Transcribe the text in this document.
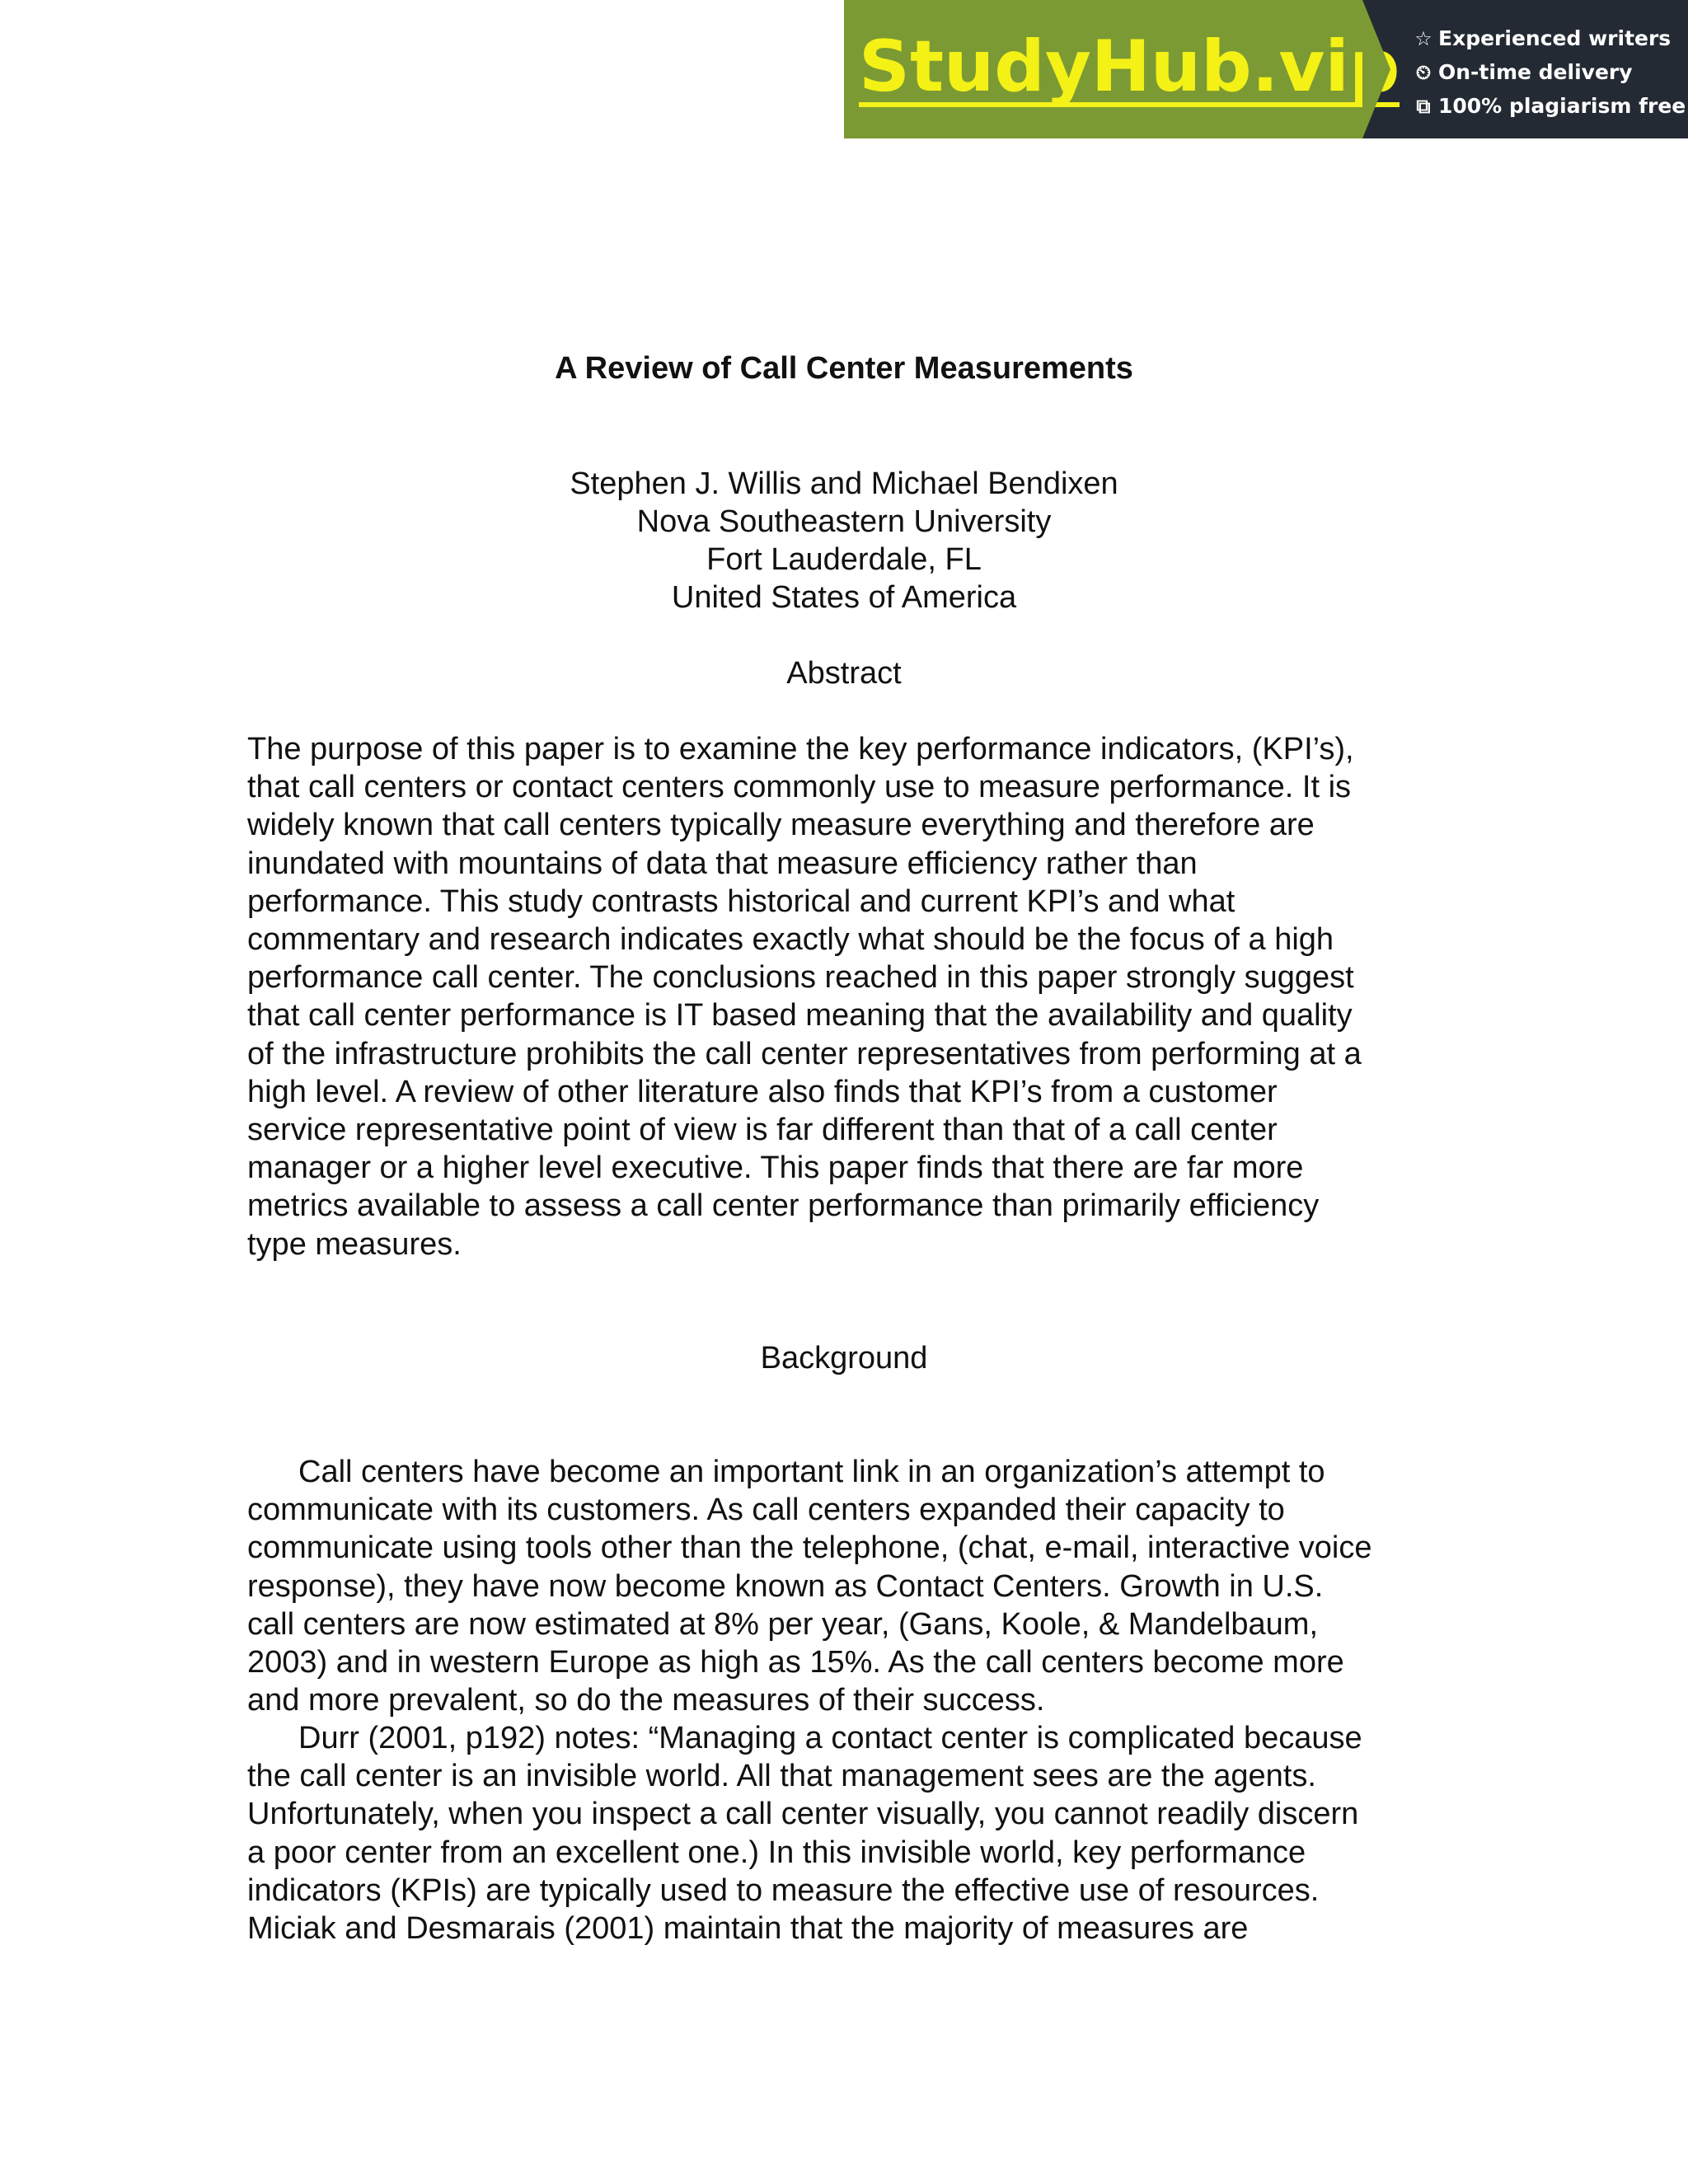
StudyHub.vip ☆ Experienced writers
⏲ On-time delivery
⧉ 100% plagiarism free
A Review of Call Center Measurements
Stephen J. Willis and Michael Bendixen
Nova Southeastern University
Fort Lauderdale, FL
United States of America
Abstract

The purpose of this paper is to examine the key performance indicators, (KPI’s),
that call centers or contact centers commonly use to measure performance. It is
widely known that call centers typically measure everything and therefore are
inundated with mountains of data that measure efficiency rather than
performance. This study contrasts historical and current KPI’s and what
commentary and research indicates exactly what should be the focus of a high
performance call center. The conclusions reached in this paper strongly suggest
that call center performance is IT based meaning that the availability and quality
of the infrastructure prohibits the call center representatives from performing at a
high level. A review of other literature also finds that KPI’s from a customer
service representative point of view is far different than that of a call center
manager or a higher level executive. This paper finds that there are far more
metrics available to assess a call center performance than primarily efficiency
type measures.

Background

Call centers have become an important link in an organization’s attempt to
communicate with its customers. As call centers expanded their capacity to
communicate using tools other than the telephone, (chat, e-mail, interactive voice
response), they have now become known as Contact Centers. Growth in U.S.
call centers are now estimated at 8% per year, (Gans, Koole, & Mandelbaum,
2003) and in western Europe as high as 15%. As the call centers become more
and more prevalent, so do the measures of their success.

Durr (2001, p192) notes: “Managing a contact center is complicated because
the call center is an invisible world. All that management sees are the agents.
Unfortunately, when you inspect a call center visually, you cannot readily discern
a poor center from an excellent one.) In this invisible world, key performance
indicators (KPIs) are typically used to measure the effective use of resources.
Miciak and Desmarais (2001) maintain that the majority of measures are
